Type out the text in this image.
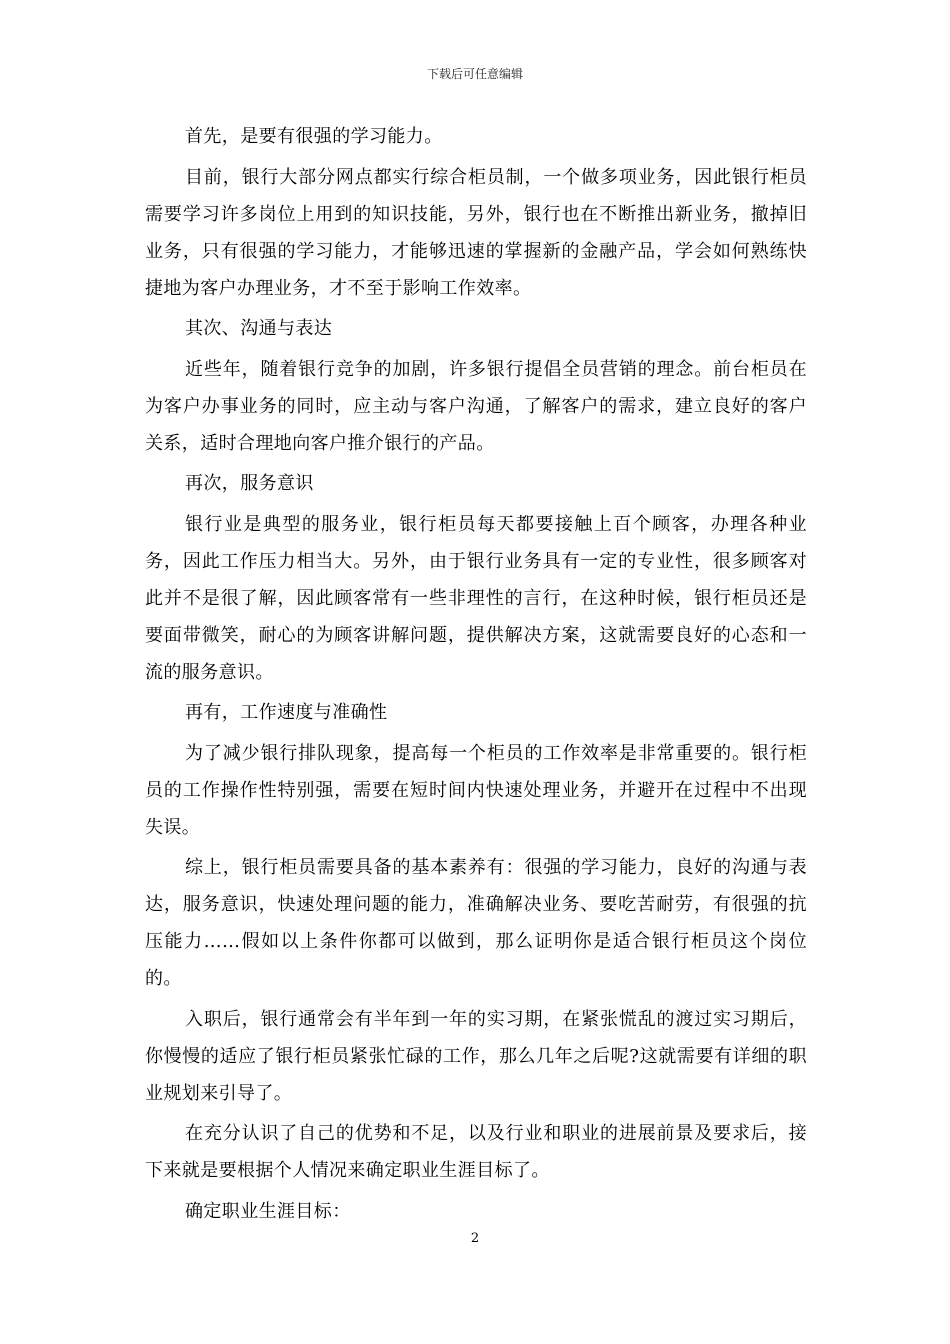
下载后可任意编辑

首先，是要有很强的学习能力。

目前，银行大部分网点都实行综合柜员制，一个做多项业务，因此银行柜员需要学习许多岗位上用到的知识技能，另外，银行也在不断推出新业务，撤掉旧业务，只有很强的学习能力，才能够迅速的掌握新的金融产品，学会如何熟练快捷地为客户办理业务，才不至于影响工作效率。

其次、沟通与表达

近些年，随着银行竞争的加剧，许多银行提倡全员营销的理念。前台柜员在为客户办事业务的同时，应主动与客户沟通，了解客户的需求，建立良好的客户关系，适时合理地向客户推介银行的产品。

再次，服务意识

银行业是典型的服务业，银行柜员每天都要接触上百个顾客，办理各种业务，因此工作压力相当大。另外，由于银行业务具有一定的专业性，很多顾客对此并不是很了解，因此顾客常有一些非理性的言行，在这种时候，银行柜员还是要面带微笑，耐心的为顾客讲解问题，提供解决方案，这就需要良好的心态和一流的服务意识。

再有，工作速度与准确性

为了减少银行排队现象，提高每一个柜员的工作效率是非常重要的。银行柜员的工作操作性特别强，需要在短时间内快速处理业务，并避开在过程中不出现失误。

综上，银行柜员需要具备的基本素养有：很强的学习能力，良好的沟通与表达，服务意识，快速处理问题的能力，准确解决业务、要吃苦耐劳，有很强的抗压能力……假如以上条件你都可以做到，那么证明你是适合银行柜员这个岗位的。

入职后，银行通常会有半年到一年的实习期，在紧张慌乱的渡过实习期后，你慢慢的适应了银行柜员紧张忙碌的工作，那么几年之后呢?这就需要有详细的职业规划来引导了。

在充分认识了自己的优势和不足，以及行业和职业的进展前景及要求后，接下来就是要根据个人情况来确定职业生涯目标了。

确定职业生涯目标：

2
